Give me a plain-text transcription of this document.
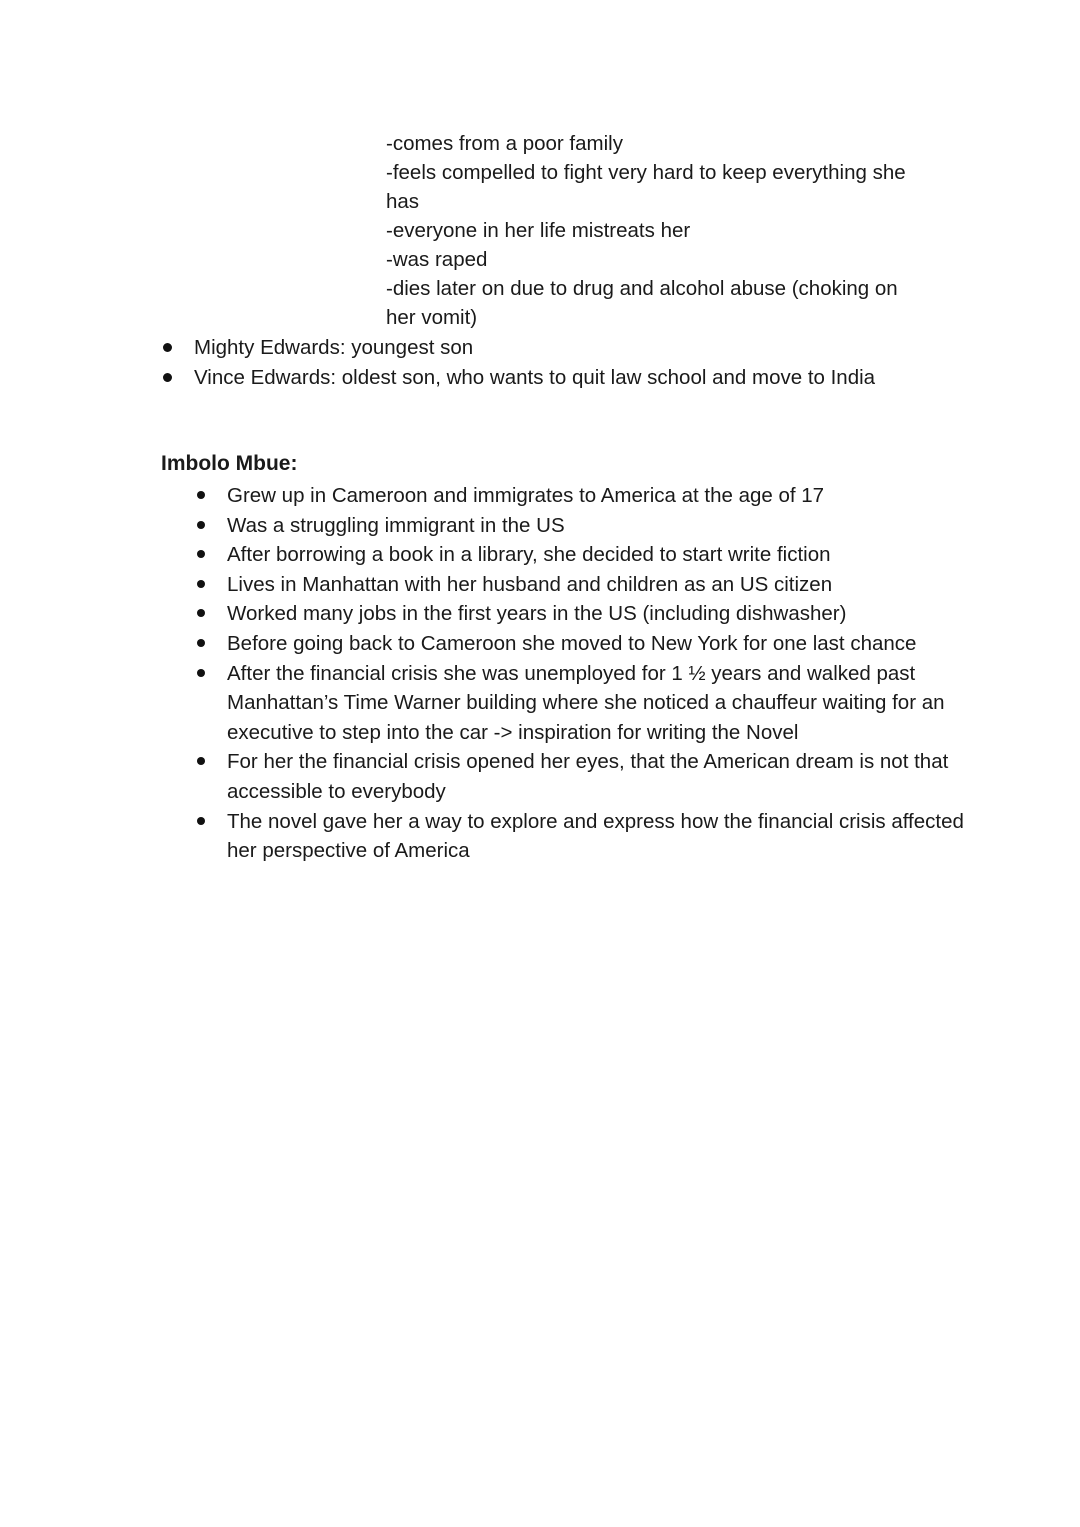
-comes from a poor family
-feels compelled to fight very hard to keep everything she
has
-everyone in her life mistreats her
-was raped
-dies later on due to drug and alcohol abuse (choking on
her vomit)
Mighty Edwards: youngest son
Vince Edwards: oldest son, who wants to quit law school and move to India
Imbolo Mbue:
Grew up in Cameroon and immigrates to America at the age of 17
Was a struggling immigrant in the US
After borrowing a book in a library, she decided to start write fiction
Lives in Manhattan with her husband and children as an US citizen
Worked many jobs in the first years in the US (including dishwasher)
Before going back to Cameroon she moved to New York for one last chance
After the financial crisis she was unemployed for 1 ½ years and walked past Manhattan’s Time Warner building where she noticed a chauffeur waiting for an executive to step into the car -> inspiration for writing the Novel
For her the financial crisis opened her eyes, that the American dream is not that accessible to everybody
The novel gave her a way to explore and express how the financial crisis affected her perspective of America
